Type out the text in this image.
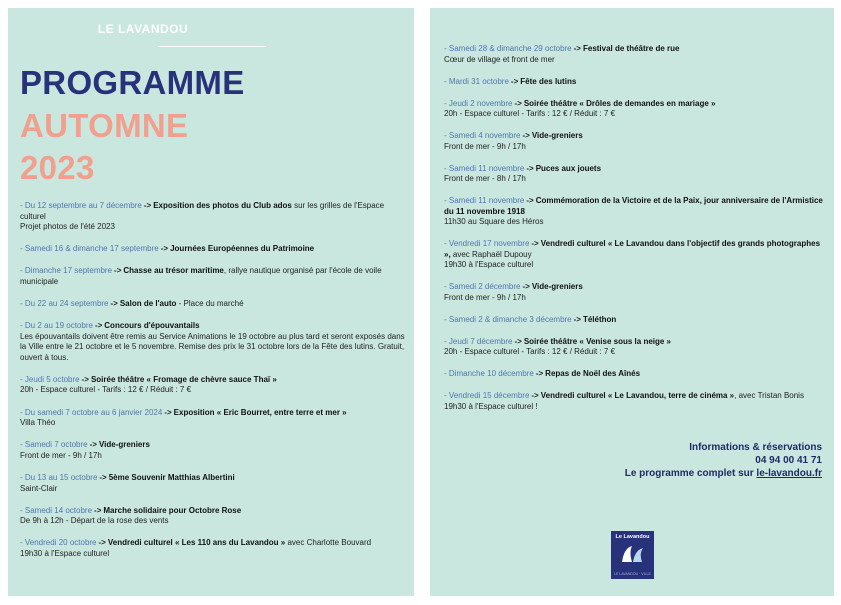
LE LAVANDOU
PROGRAMME
AUTOMNE
2023
- Du 12 septembre au 7 décembre -> Exposition des photos du Club ados sur les grilles de l'Espace culturel
Projet photos de l'été 2023
- Samedi 16 & dimanche 17 septembre -> Journées Européennes du Patrimoine
- Dimanche 17 septembre -> Chasse au trésor maritime, rallye nautique organisé par l'école de voile municipale
- Du 22 au 24 septembre -> Salon de l'auto - Place du marché
- Du 2 au 19 octobre -> Concours d'épouvantails
Les épouvantails doivent être remis au Service Animations le 19 octobre au plus tard et seront exposés dans la Ville entre le 21 octobre et le 5 novembre. Remise des prix le 31 octobre lors de la Fête des lutins. Gratuit, ouvert à tous.
- Jeudi 5 octobre -> Soirée théâtre « Fromage de chèvre sauce Thaï »
20h - Espace culturel - Tarifs : 12 € / Réduit : 7 €
- Du samedi 7 octobre au 6 janvier 2024 -> Exposition « Eric Bourret, entre terre et mer »
Villa Théo
- Samedi 7 octobre -> Vide-greniers
Front de mer - 9h / 17h
- Du 13 au 15 octobre -> 5ème Souvenir Matthias Albertini
Saint-Clair
- Samedi 14 octobre -> Marche solidaire pour Octobre Rose
De 9h à 12h - Départ de la rose des vents
- Vendredi 20 octobre -> Vendredi culturel « Les 110 ans du Lavandou » avec Charlotte Bouvard
19h30 à l'Espace culturel
- Samedi 28 & dimanche 29 octobre -> Festival de théâtre de rue
Cœur de village et front de mer
- Mardi 31 octobre -> Fête des lutins
- Jeudi 2 novembre -> Soirée théâtre « Drôles de demandes en mariage »
20h - Espace culturel - Tarifs : 12 € / Réduit : 7 €
- Samedi 4 novembre -> Vide-greniers
Front de mer - 9h / 17h
- Samedi 11 novembre -> Puces aux jouets
Front de mer - 8h / 17h
- Samedi 11 novembre -> Commémoration de la Victoire et de la Paix, jour anniversaire de l'Armistice du 11 novembre 1918
11h30 au Square des Héros
- Vendredi 17 novembre -> Vendredi culturel « Le Lavandou dans l'objectif des grands photographes », avec Raphaël Dupouy
19h30 à l'Espace culturel
- Samedi 2 décembre -> Vide-greniers
Front de mer - 9h / 17h
- Samedi 2 & dimanche 3 décembre -> Téléthon
- Jeudi 7 décembre -> Soirée théâtre « Venise sous la neige »
20h - Espace culturel - Tarifs : 12 € / Réduit : 7 €
- Dimanche 10 décembre -> Repas de Noël des Aînés
- Vendredi 15 décembre -> Vendredi culturel « Le Lavandou, terre de cinéma », avec Tristan Bonis
19h30 à l'Espace culturel !
Informations & réservations
04 94 00 41 71
Le programme complet sur le-lavandou.fr
Le Lavandou
LE LAVANDOU · VILLE
